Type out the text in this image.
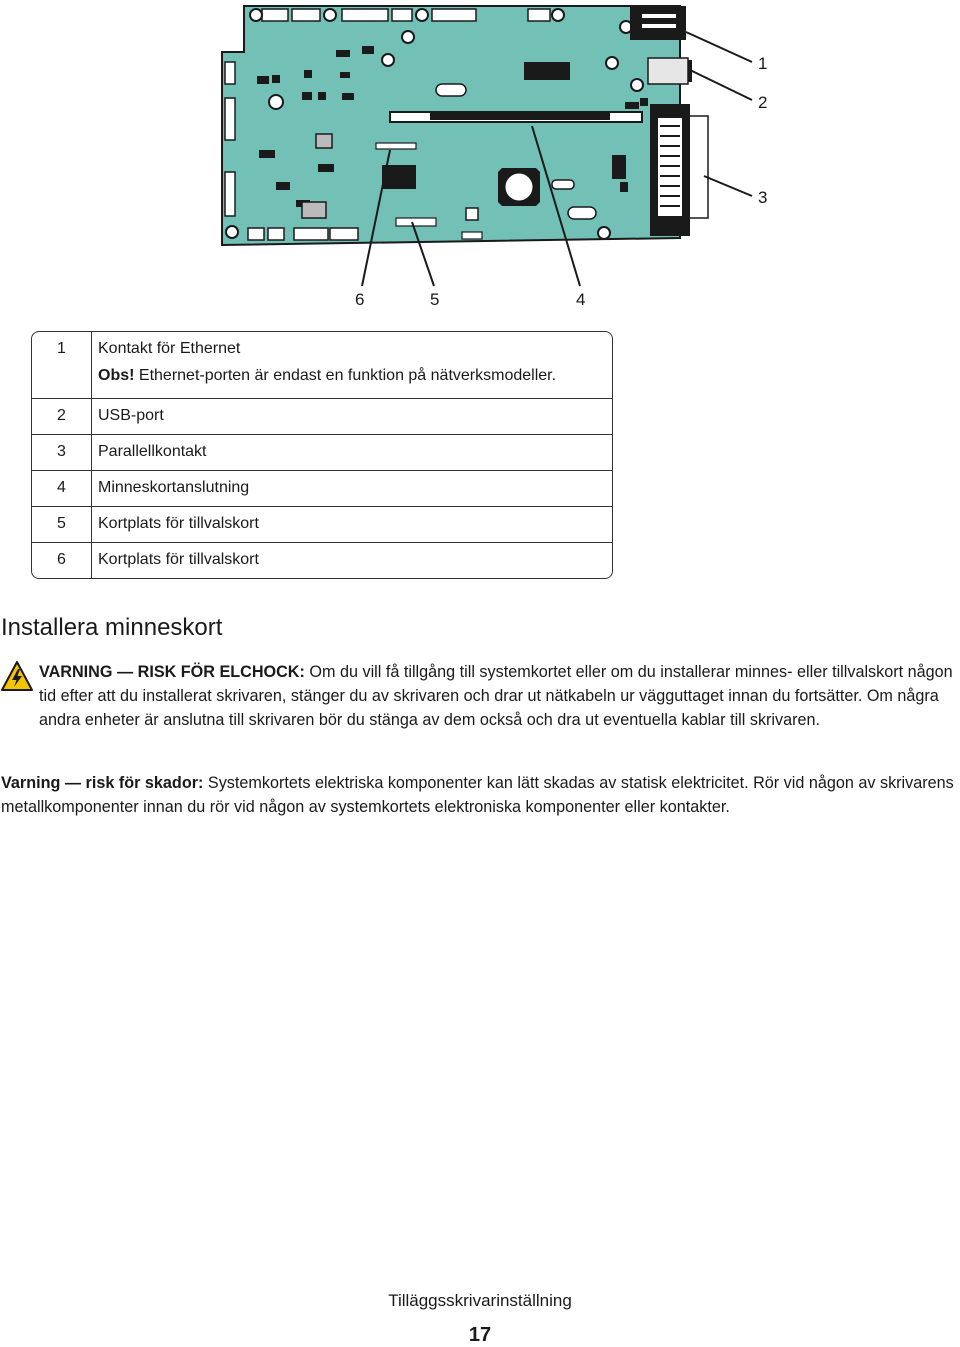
1
2
3
4
5
6
1	Kontakt för Ethernet
Obs! Ethernet-porten är endast en funktion på nätverksmodeller.
2	USB-port
3	Parallellkontakt
4	Minneskortanslutning
5	Kortplats för tillvalskort
6	Kortplats för tillvalskort
Installera minneskort
VARNING — RISK FÖR ELCHOCK: Om du vill få tillgång till systemkortet eller om du installerar minnes- eller tillvalskort någon tid efter att du installerat skrivaren, stänger du av skrivaren och drar ut nätkabeln ur vägguttaget innan du fortsätter. Om några andra enheter är anslutna till skrivaren bör du stänga av dem också och dra ut eventuella kablar till skrivaren.
Varning — risk för skador: Systemkortets elektriska komponenter kan lätt skadas av statisk elektricitet. Rör vid någon av skrivarens metallkomponenter innan du rör vid någon av systemkortets elektroniska komponenter eller kontakter.
Tilläggsskrivarinställning
17
